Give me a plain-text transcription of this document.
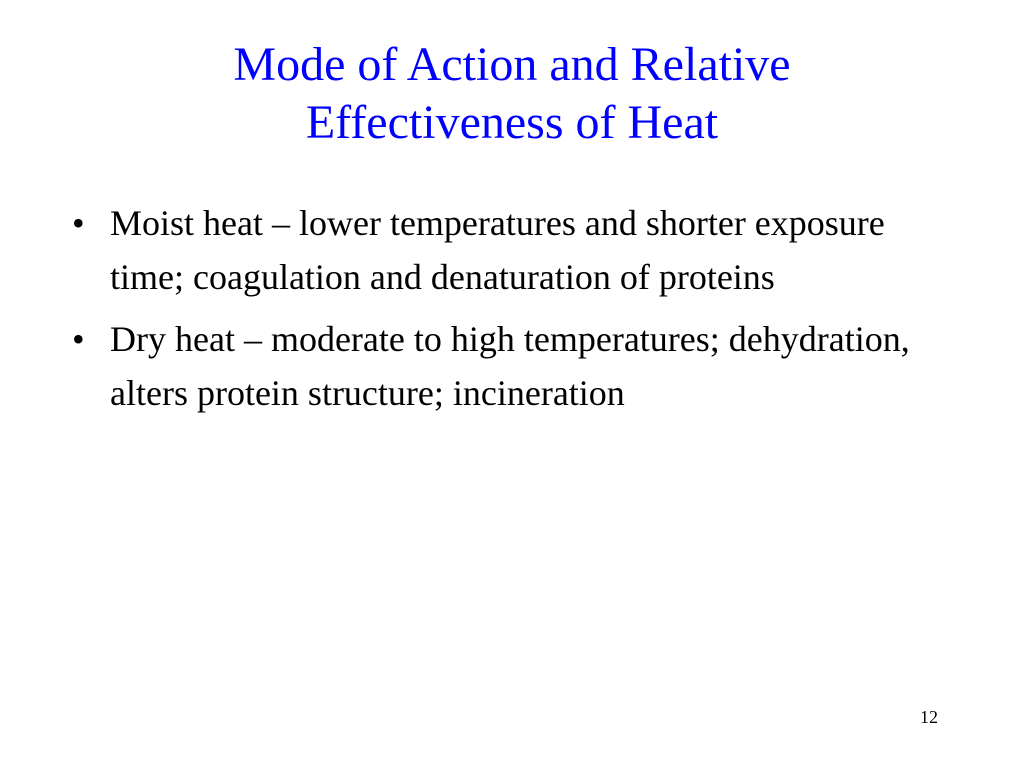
Mode of Action and Relative
Effectiveness of Heat
• Moist heat – lower temperatures and shorter exposure time; coagulation and denaturation of proteins
• Dry heat – moderate to high temperatures; dehydration, alters protein structure; incineration
12
